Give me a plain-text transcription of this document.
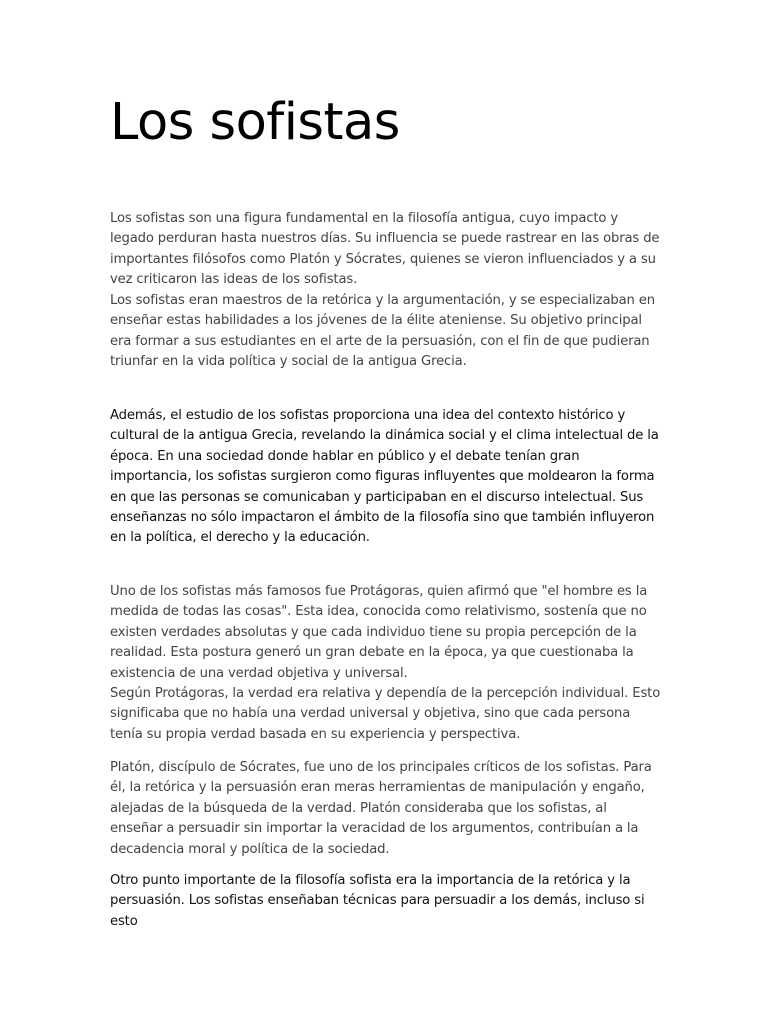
Los sofistas

Los sofistas son una figura fundamental en la filosofía antigua, cuyo impacto y legado perduran hasta nuestros días. Su influencia se puede rastrear en las obras de importantes filósofos como Platón y Sócrates, quienes se vieron influenciados y a su vez criticaron las ideas de los sofistas.

Los sofistas eran maestros de la retórica y la argumentación, y se especializaban en enseñar estas habilidades a los jóvenes de la élite ateniense. Su objetivo principal era formar a sus estudiantes en el arte de la persuasión, con el fin de que pudieran triunfar en la vida política y social de la antigua Grecia.

Además, el estudio de los sofistas proporciona una idea del contexto histórico y cultural de la antigua Grecia, revelando la dinámica social y el clima intelectual de la época. En una sociedad donde hablar en público y el debate tenían gran importancia, los sofistas surgieron como figuras influyentes que moldearon la forma en que las personas se comunicaban y participaban en el discurso intelectual. Sus enseñanzas no sólo impactaron el ámbito de la filosofía sino que también influyeron en la política, el derecho y la educación.

Uno de los sofistas más famosos fue Protágoras, quien afirmó que "el hombre es la medida de todas las cosas". Esta idea, conocida como relativismo, sostenía que no existen verdades absolutas y que cada individuo tiene su propia percepción de la realidad. Esta postura generó un gran debate en la época, ya que cuestionaba la existencia de una verdad objetiva y universal.

Según Protágoras, la verdad era relativa y dependía de la percepción individual. Esto significaba que no había una verdad universal y objetiva, sino que cada persona tenía su propia verdad basada en su experiencia y perspectiva.

Platón, discípulo de Sócrates, fue uno de los principales críticos de los sofistas. Para él, la retórica y la persuasión eran meras herramientas de manipulación y engaño, alejadas de la búsqueda de la verdad. Platón consideraba que los sofistas, al enseñar a persuadir sin importar la veracidad de los argumentos, contribuían a la decadencia moral y política de la sociedad.

Otro punto importante de la filosofía sofista era la importancia de la retórica y la persuasión. Los sofistas enseñaban técnicas para persuadir a los demás, incluso si esto
